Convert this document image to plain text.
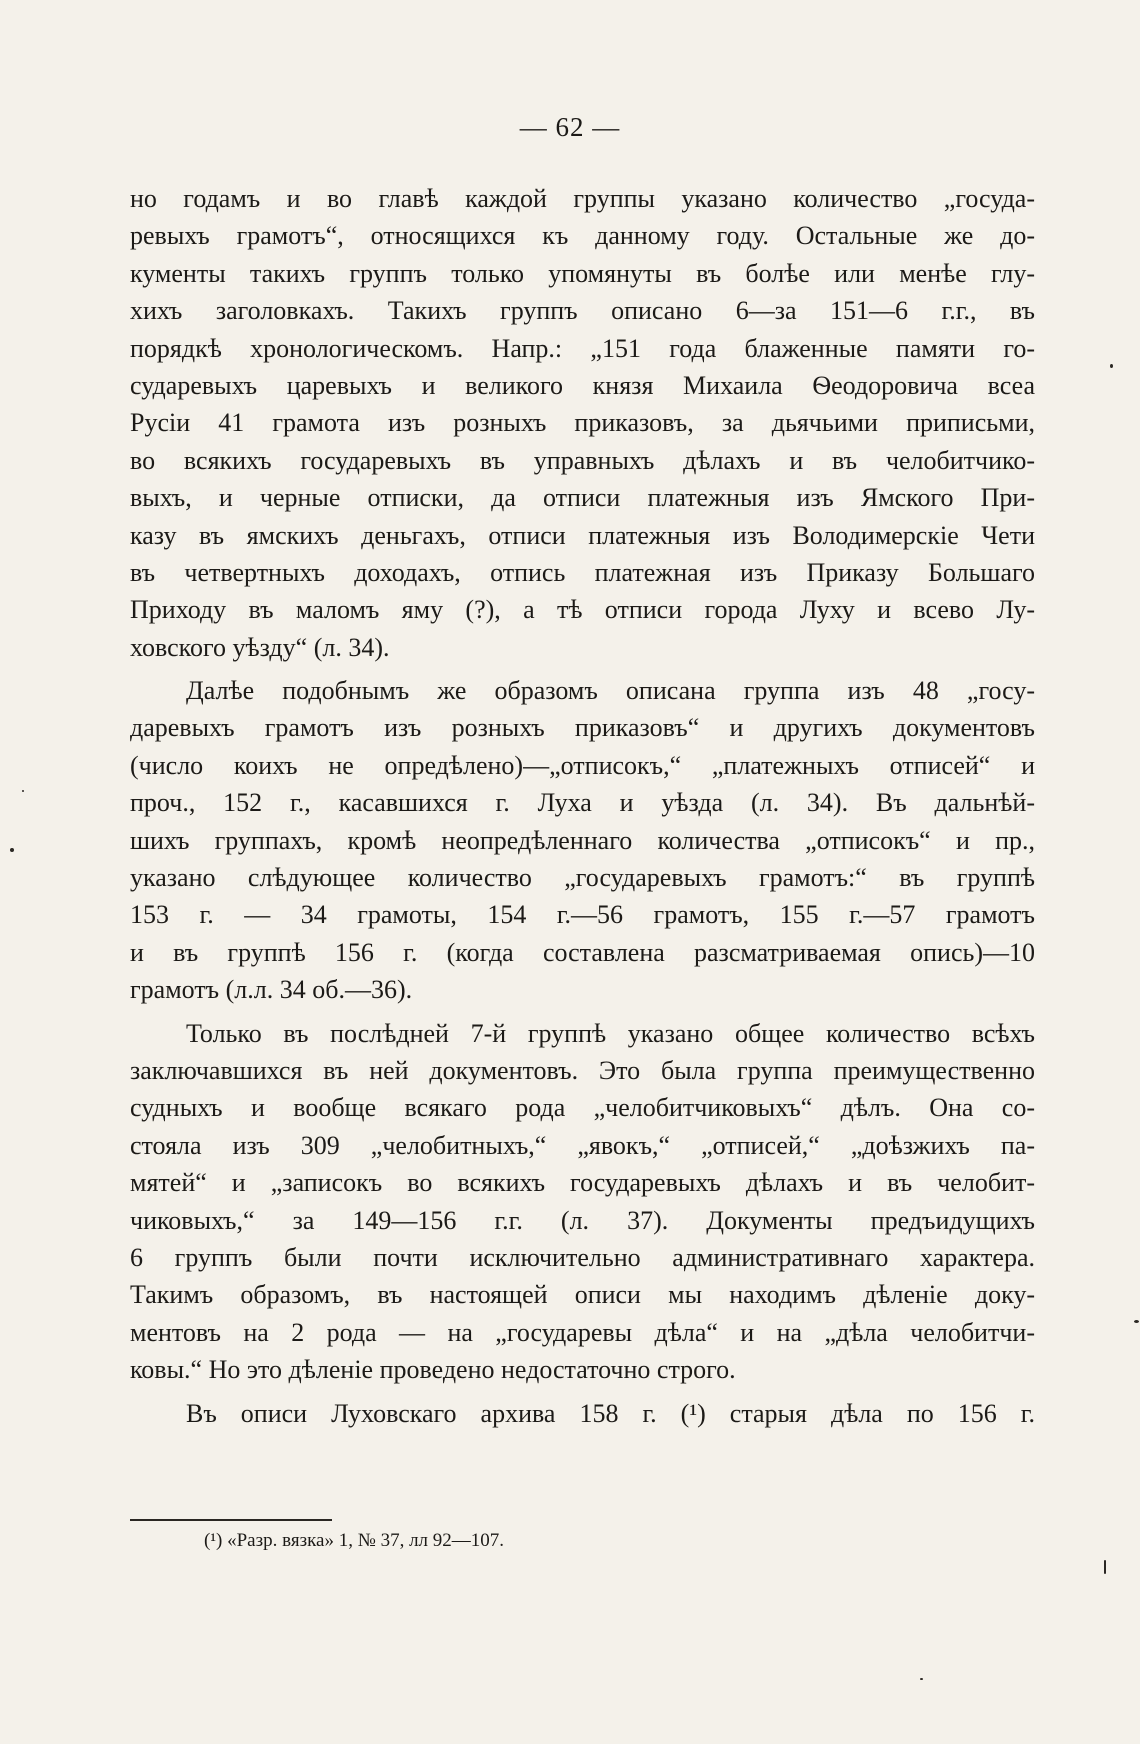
— 62 —
но годамъ и во главѣ каждой группы указано количество „госуда-
ревыхъ грамотъ“, относящихся къ данному году. Остальные же до-
кументы такихъ группъ только упомянуты въ болѣе или менѣе глу-
хихъ заголовкахъ. Такихъ группъ описано 6—за 151—6 г.г., въ
порядкѣ хронологическомъ. Напр.: „151 года блаженные памяти го-
сударевыхъ царевыхъ и великого князя Михаила Ѳеодоровича всеа
Русіи 41 грамота изъ розныхъ приказовъ, за дьячьими приписьми,
во всякихъ государевыхъ въ управныхъ дѣлахъ и въ челобитчико-
выхъ, и черные отписки, да отписи платежныя изъ Ямского При-
казу въ ямскихъ деньгахъ, отписи платежныя изъ Володимерскіе Чети
въ четвертныхъ доходахъ, отпись платежная изъ Приказу Большаго
Приходу въ маломъ яму (?), а тѣ отписи города Луху и всево Лу-
ховского уѣзду“ (л. 34).
Далѣе подобнымъ же образомъ описана группа изъ 48 „госу-
даревыхъ грамотъ изъ розныхъ приказовъ“ и другихъ документовъ
(число коихъ не опредѣлено)—„отписокъ,“ „платежныхъ отписей“ и
проч., 152 г., касавшихся г. Луха и уѣзда (л. 34). Въ дальнѣй-
шихъ группахъ, кромѣ неопредѣленнаго количества „отписокъ“ и пр.,
указано слѣдующее количество „государевыхъ грамотъ:“ въ группѣ
153 г. — 34 грамоты, 154 г.—56 грамотъ, 155 г.—57 грамотъ
и въ группѣ 156 г. (когда составлена разсматриваемая опись)—10
грамотъ (л.л. 34 об.—36).
Только въ послѣдней 7-й группѣ указано общее количество всѣхъ
заключавшихся въ ней документовъ. Это была группа преимущественно
судныхъ и вообще всякаго рода „челобитчиковыхъ“ дѣлъ. Она со-
стояла изъ 309 „челобитныхъ,“ „явокъ,“ „отписей,“ „доѣзжихъ па-
мятей“ и „записокъ во всякихъ государевыхъ дѣлахъ и въ челобит-
чиковыхъ,“ за 149—156 г.г. (л. 37). Документы предъидущихъ
6 группъ были почти исключительно административнаго характера.
Такимъ образомъ, въ настоящей описи мы находимъ дѣленіе доку-
ментовъ на 2 рода — на „государевы дѣла“ и на „дѣла челобитчи-
ковы.“ Но это дѣленіе проведено недостаточно строго.
Въ описи Луховскаго архива 158 г. (¹) старыя дѣла по 156 г.
(¹) «Разр. вязка» 1, № 37, лл 92—107.
